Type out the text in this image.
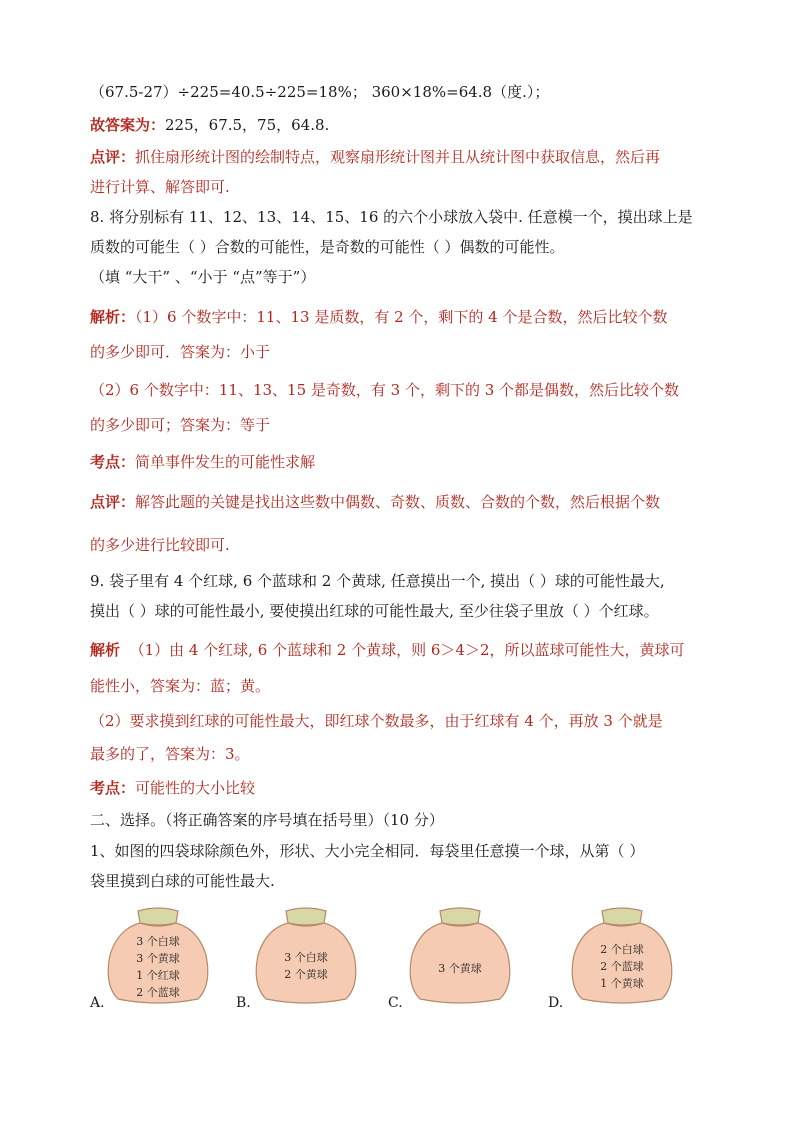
（67.5-27）÷225=40.5÷225=18%； 360×18%=64.8（度.）；
故答案为：225，67.5，75，64.8.
点评：抓住扇形统计图的绘制特点，观察扇形统计图并且从统计图中获取信息，然后再
进行计算、解答即可.
8. 将分别标有 11、12、13、14、15、16 的六个小球放入袋中. 任意模一个，摸出球上是
质数的可能生（ ）合数的可能性，是奇数的可能性（ ）偶数的可能性。
（填 “大干” 、“小于 “点”等于”）
解析：（1）6 个数字中：11、13 是质数，有 2 个，剩下的 4 个是合数，然后比较个数
的多少即可．答案为：小于
（2）6 个数字中：11、13、15 是奇数，有 3 个，剩下的 3 个都是偶数，然后比较个数
的多少即可；答案为：等于
考点：简单事件发生的可能性求解
点评：解答此题的关键是找出这些数中偶数、奇数、质数、合数的个数，然后根据个数
的多少进行比较即可.
9. 袋子里有 4 个红球, 6 个蓝球和 2 个黄球, 任意摸出一个, 摸出（ ）球的可能性最大,
摸出（ ）球的可能性最小, 要使摸出红球的可能性最大, 至少往袋子里放（ ）个红球。
解析 （1）由 4 个红球, 6 个蓝球和 2 个黄球，则 6＞4＞2，所以蓝球可能性大，黄球可
能性小，答案为：蓝；黄。
（2）要求摸到红球的可能性最大，即红球个数最多，由于红球有 4 个，再放 3 个就是
最多的了，答案为：3。
考点：可能性的大小比较
二、选择。（将正确答案的序号填在括号里）（10 分）
1、如图的四袋球除颜色外，形状、大小完全相同．每袋里任意摸一个球，从第（ ）
袋里摸到白球的可能性最大.
3 个白球
3 个黄球
1 个红球
2 个蓝球
A.
3 个白球
2 个黄球
B.
3 个黄球
C.
2 个白球
2 个蓝球
1 个黄球
D.
